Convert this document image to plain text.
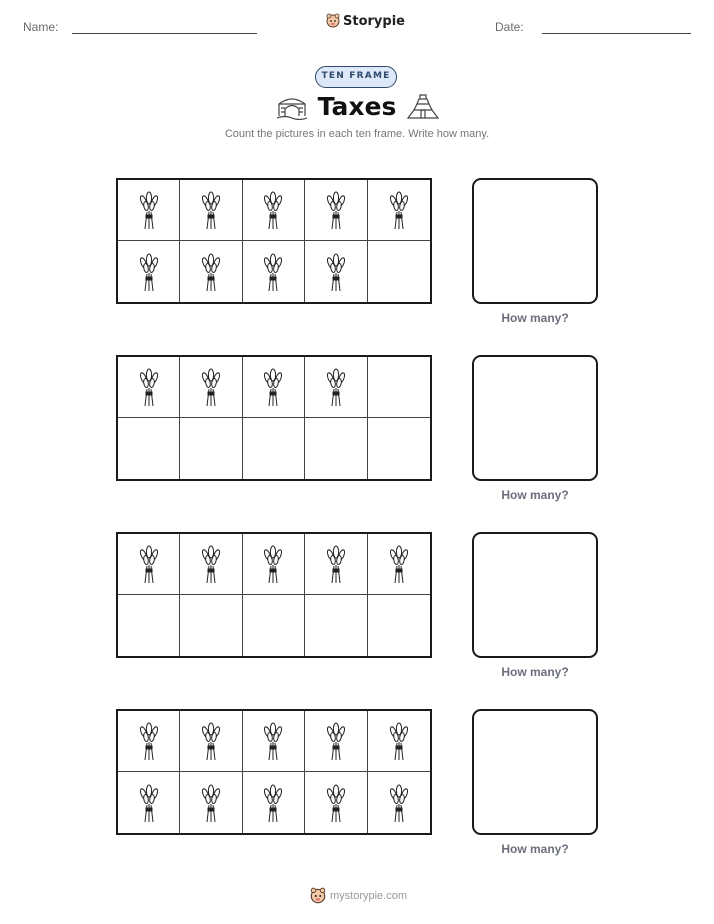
Name:	Storypie	Date:
TEN FRAME
Taxes
Count the pictures in each ten frame. Write how many.
How many?
How many?
How many?
How many?
mystorypie.com
